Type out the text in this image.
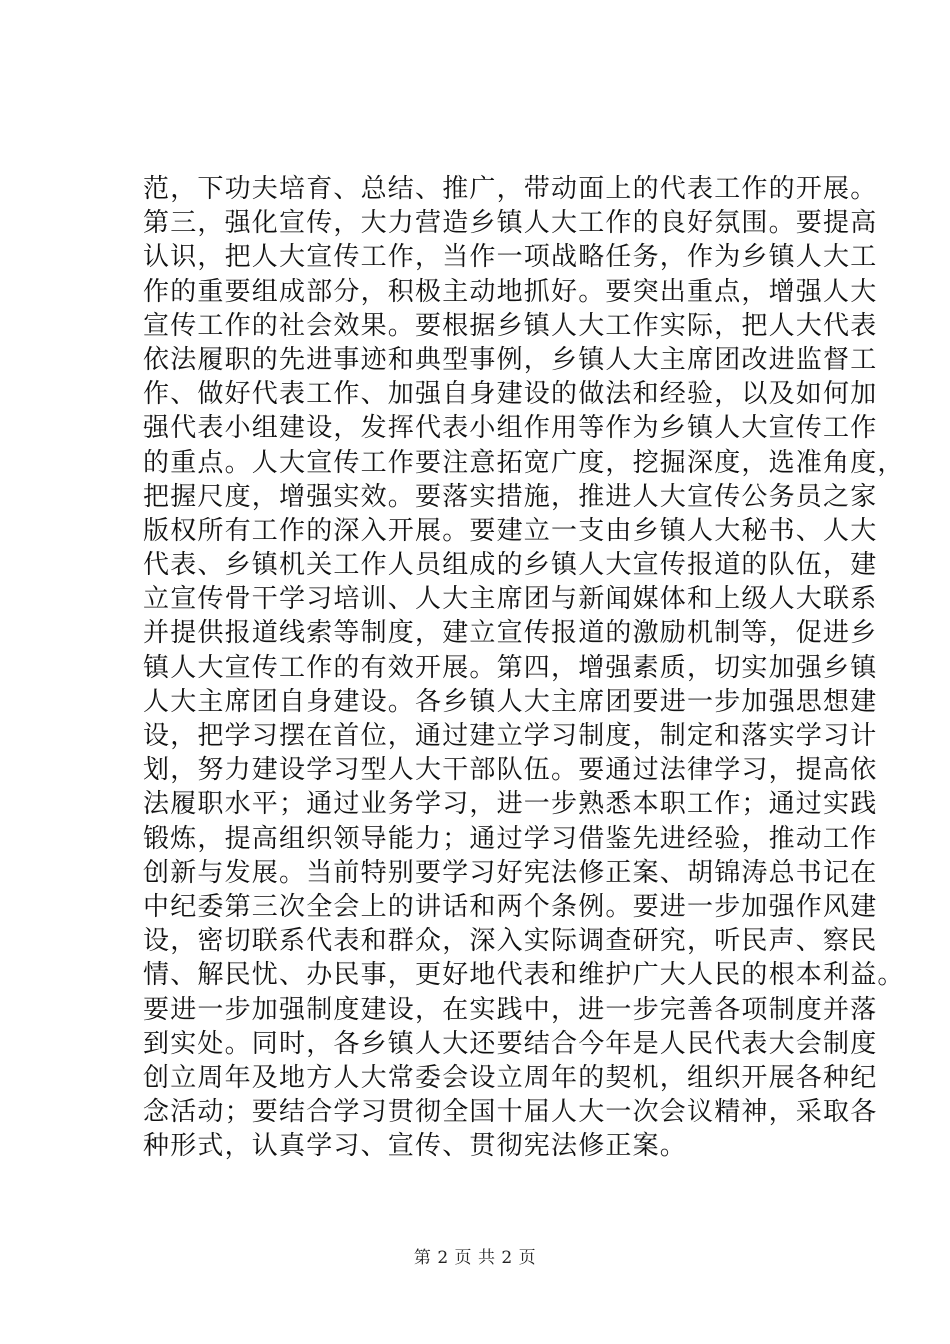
范，下功夫培育、总结、推广，带动面上的代表工作的开展。
第三，强化宣传，大力营造乡镇人大工作的良好氛围。要提高
认识，把人大宣传工作，当作一项战略任务，作为乡镇人大工
作的重要组成部分，积极主动地抓好。要突出重点，增强人大
宣传工作的社会效果。要根据乡镇人大工作实际，把人大代表
依法履职的先进事迹和典型事例，乡镇人大主席团改进监督工
作、做好代表工作、加强自身建设的做法和经验，以及如何加
强代表小组建设，发挥代表小组作用等作为乡镇人大宣传工作
的重点。人大宣传工作要注意拓宽广度，挖掘深度，选准角度，
把握尺度，增强实效。要落实措施，推进人大宣传公务员之家
版权所有工作的深入开展。要建立一支由乡镇人大秘书、人大
代表、乡镇机关工作人员组成的乡镇人大宣传报道的队伍，建
立宣传骨干学习培训、人大主席团与新闻媒体和上级人大联系
并提供报道线索等制度，建立宣传报道的激励机制等，促进乡
镇人大宣传工作的有效开展。第四，增强素质，切实加强乡镇
人大主席团自身建设。各乡镇人大主席团要进一步加强思想建
设，把学习摆在首位，通过建立学习制度，制定和落实学习计
划，努力建设学习型人大干部队伍。要通过法律学习，提高依
法履职水平；通过业务学习，进一步熟悉本职工作；通过实践
锻炼，提高组织领导能力；通过学习借鉴先进经验，推动工作
创新与发展。当前特别要学习好宪法修正案、胡锦涛总书记在
中纪委第三次全会上的讲话和两个条例。要进一步加强作风建
设，密切联系代表和群众，深入实际调查研究，听民声、察民
情、解民忧、办民事，更好地代表和维护广大人民的根本利益。
要进一步加强制度建设，在实践中，进一步完善各项制度并落
到实处。同时，各乡镇人大还要结合今年是人民代表大会制度
创立周年及地方人大常委会设立周年的契机，组织开展各种纪
念活动；要结合学习贯彻全国十届人大一次会议精神，采取各
种形式，认真学习、宣传、贯彻宪法修正案。
第 2 页 共 2 页
